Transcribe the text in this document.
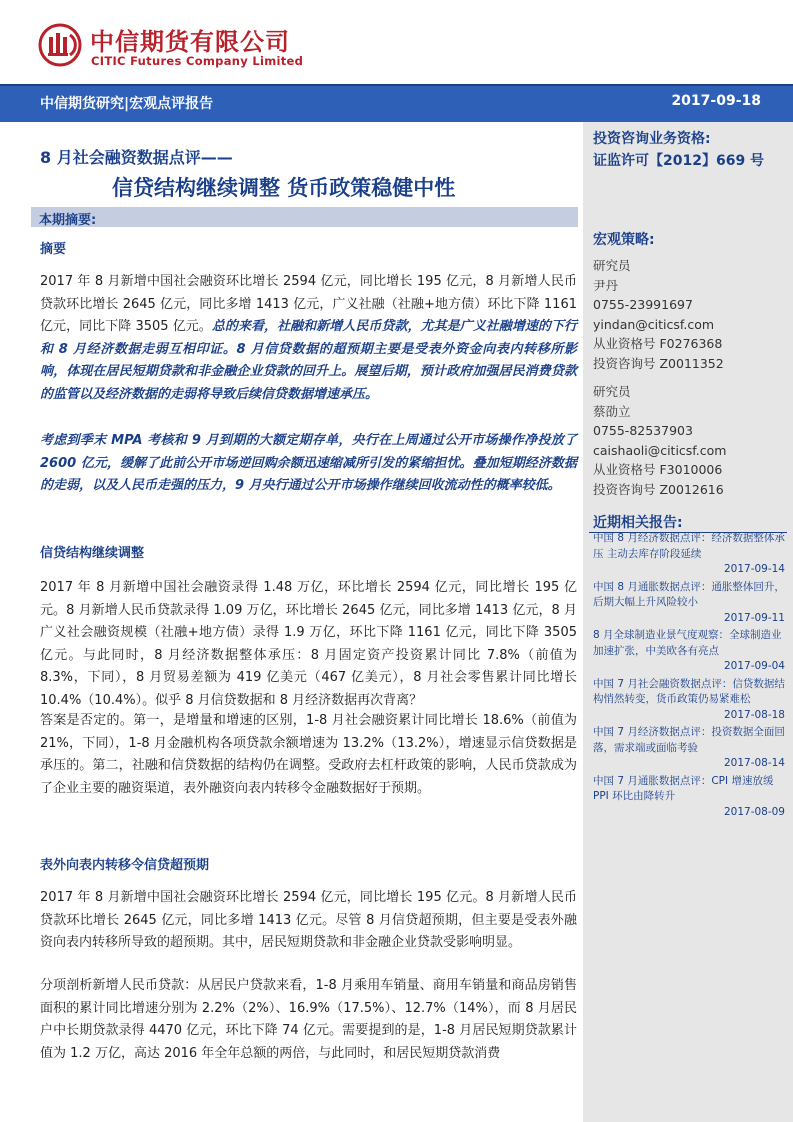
中信期货有限公司
CITIC Futures Company Limited
中信期货研究|宏观点评报告	2017-09-18
8 月社会融资数据点评——
信贷结构继续调整 货币政策稳健中性
本期摘要:
摘要
2017 年 8 月新增中国社会融资环比增长 2594 亿元，同比增长 195 亿元，8 月新增人民币贷款环比增长 2645 亿元，同比多增 1413 亿元，广义社融（社融+地方债）环比下降 1161 亿元，同比下降 3505 亿元。总的来看，社融和新增人民币贷款，尤其是广义社融增速的下行和 8 月经济数据走弱互相印证。8 月信贷数据的超预期主要是受表外资金向表内转移所影响，体现在居民短期贷款和非金融企业贷款的回升上。展望后期，预计政府加强居民消费贷款的监管以及经济数据的走弱将导致后续信贷数据增速承压。
考虑到季末 MPA 考核和 9 月到期的大额定期存单，央行在上周通过公开市场操作净投放了 2600 亿元，缓解了此前公开市场逆回购余额迅速缩减所引发的紧缩担忧。叠加短期经济数据的走弱，以及人民币走强的压力，9 月央行通过公开市场操作继续回收流动性的概率较低。
信贷结构继续调整
2017 年 8 月新增中国社会融资录得 1.48 万亿，环比增长 2594 亿元，同比增长 195 亿元。8 月新增人民币贷款录得 1.09 万亿，环比增长 2645 亿元，同比多增 1413 亿元，8 月广义社会融资规模（社融+地方债）录得 1.9 万亿，环比下降 1161 亿元，同比下降 3505 亿元。与此同时，8 月经济数据整体承压：8 月固定资产投资累计同比 7.8%（前值为 8.3%，下同），8 月贸易差额为 419 亿美元（467 亿美元），8 月社会零售累计同比增长 10.4%（10.4%）。似乎 8 月信贷数据和 8 月经济数据再次背离？
答案是否定的。第一，是增量和增速的区别，1-8 月社会融资累计同比增长 18.6%（前值为 21%，下同），1-8 月金融机构各项贷款余额增速为 13.2%（13.2%），增速显示信贷数据是承压的。第二，社融和信贷数据的结构仍在调整。受政府去杠杆政策的影响，人民币贷款成为了企业主要的融资渠道，表外融资向表内转移令金融数据好于预期。
表外向表内转移令信贷超预期
2017 年 8 月新增中国社会融资环比增长 2594 亿元，同比增长 195 亿元。8 月新增人民币贷款环比增长 2645 亿元，同比多增 1413 亿元。尽管 8 月信贷超预期，但主要是受表外融资向表内转移所导致的超预期。其中，居民短期贷款和非金融企业贷款受影响明显。
分项剖析新增人民币贷款：从居民户贷款来看，1-8 月乘用车销量、商用车销量和商品房销售面积的累计同比增速分别为 2.2%（2%）、16.9%（17.5%）、12.7%（14%），而 8 月居民户中长期贷款录得 4470 亿元，环比下降 74 亿元。需要提到的是，1-8 月居民短期贷款累计值为 1.2 万亿，高达 2016 年全年总额的两倍，与此同时，和居民短期贷款消费
投资咨询业务资格:
证监许可【2012】669 号
宏观策略:
研究员
尹丹
0755-23991697
yindan@citicsf.com
从业资格号 F0276368
投资咨询号 Z0011352
研究员
蔡劭立
0755-82537903
caishaoli@citicsf.com
从业资格号 F3010006
投资咨询号 Z0012616
近期相关报告:
中国 8 月经济数据点评：经济数据整体承压 主动去库存阶段延续
2017-09-14
中国 8 月通胀数据点评：通胀整体回升，后期大幅上升风险较小
2017-09-11
8 月全球制造业景气度观察：全球制造业加速扩张，中美欧各有亮点
2017-09-04
中国 7 月社会融资数据点评：信贷数据结构悄然转变，货币政策仍易紧难松
2017-08-18
中国 7 月经济数据点评：投资数据全面回落，需求端或面临考验
2017-08-14
中国 7 月通胀数据点评：CPI 增速放缓 PPI 环比由降转升
2017-08-09
